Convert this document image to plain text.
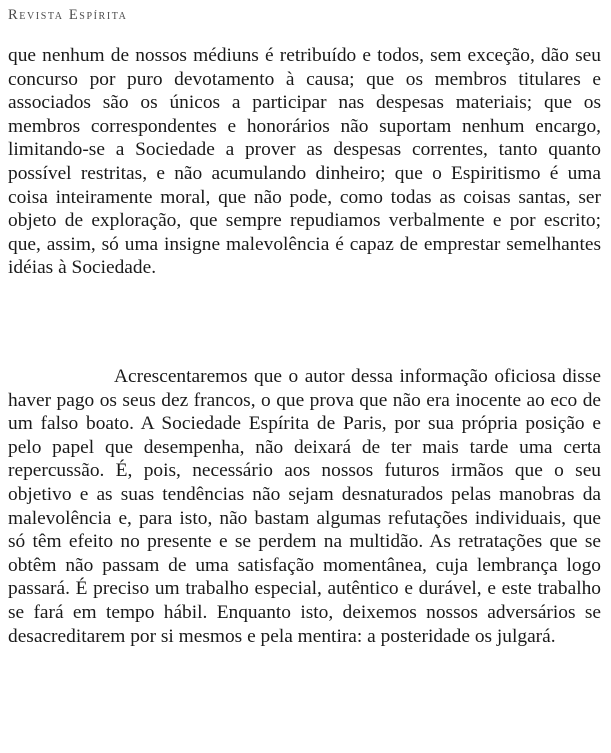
Revista Espírita
que nenhum de nossos médiuns é retribuído e todos, sem exceção, dão seu concurso por puro devotamento à causa; que os membros titulares e associados são os únicos a participar nas despesas materiais; que os membros correspondentes e honorários não suportam nenhum encargo, limitando-se a Sociedade a prover as despesas correntes, tanto quanto possível restritas, e não acumulando dinheiro; que o Espiritismo é uma coisa inteiramente moral, que não pode, como todas as coisas santas, ser objeto de exploração, que sempre repudiamos verbalmente e por escrito; que, assim, só uma insigne malevolência é capaz de emprestar semelhantes idéias à Sociedade.
Acrescentaremos que o autor dessa informação oficiosa disse haver pago os seus dez francos, o que prova que não era inocente ao eco de um falso boato. A Sociedade Espírita de Paris, por sua própria posição e pelo papel que desempenha, não deixará de ter mais tarde uma certa repercussão. É, pois, necessário aos nossos futuros irmãos que o seu objetivo e as suas tendências não sejam desnaturados pelas manobras da malevolência e, para isto, não bastam algumas refutações individuais, que só têm efeito no presente e se perdem na multidão. As retratações que se obtêm não passam de uma satisfação momentânea, cuja lembrança logo passará. É preciso um trabalho especial, autêntico e durável, e este trabalho se fará em tempo hábil. Enquanto isto, deixemos nossos adversários se desacreditarem por si mesmos e pela mentira: a posteridade os julgará.
